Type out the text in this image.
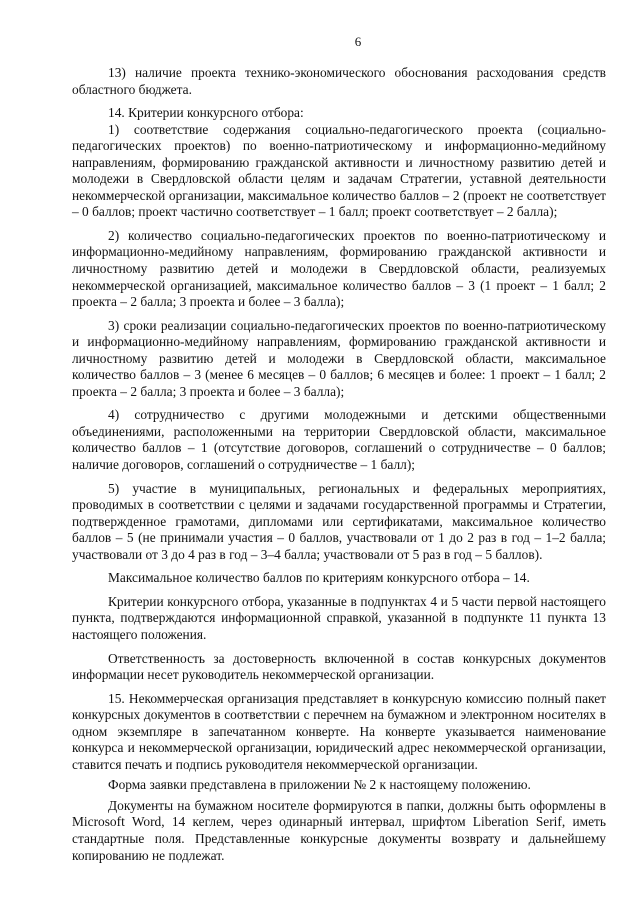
6

13) наличие проекта технико-экономического обоснования расходования средств областного бюджета.

14. Критерии конкурсного отбора:

1) соответствие содержания социально-педагогического проекта (социально-педагогических проектов) по военно-патриотическому и информационно-медийному направлениям, формированию гражданской активности и личностному развитию детей и молодежи в Свердловской области целям и задачам Стратегии, уставной деятельности некоммерческой организации, максимальное количество баллов – 2 (проект не соответствует – 0 баллов; проект частично соответствует – 1 балл; проект соответствует – 2 балла);

2) количество социально-педагогических проектов по военно-патриотическому и информационно-медийному направлениям, формированию гражданской активности и личностному развитию детей и молодежи в Свердловской области, реализуемых некоммерческой организацией, максимальное количество баллов – 3 (1 проект – 1 балл; 2 проекта – 2 балла; 3 проекта и более – 3 балла);

3) сроки реализации социально-педагогических проектов по военно-патриотическому и информационно-медийному направлениям, формированию гражданской активности и личностному развитию детей и молодежи в Свердловской области, максимальное количество баллов – 3 (менее 6 месяцев – 0 баллов; 6 месяцев и более: 1 проект – 1 балл; 2 проекта – 2 балла; 3 проекта и более – 3 балла);

4) сотрудничество с другими молодежными и детскими общественными объединениями, расположенными на территории Свердловской области, максимальное количество баллов – 1 (отсутствие договоров, соглашений о сотрудничестве – 0 баллов; наличие договоров, соглашений о сотрудничестве – 1 балл);

5) участие в муниципальных, региональных и федеральных мероприятиях, проводимых в соответствии с целями и задачами государственной программы и Стратегии, подтвержденное грамотами, дипломами или сертификатами, максимальное количество баллов – 5 (не принимали участия – 0 баллов, участвовали от 1 до 2 раз в год – 1–2 балла; участвовали от 3 до 4 раз в год – 3–4 балла; участвовали от 5 раз в год – 5 баллов).

Максимальное количество баллов по критериям конкурсного отбора – 14.

Критерии конкурсного отбора, указанные в подпунктах 4 и 5 части первой настоящего пункта, подтверждаются информационной справкой, указанной в подпункте 11 пункта 13 настоящего положения.

Ответственность за достоверность включенной в состав конкурсных документов информации несет руководитель некоммерческой организации.

15. Некоммерческая организация представляет в конкурсную комиссию полный пакет конкурсных документов в соответствии с перечнем на бумажном и электронном носителях в одном экземпляре в запечатанном конверте. На конверте указывается наименование конкурса и некоммерческой организации, юридический адрес некоммерческой организации, ставится печать и подпись руководителя некоммерческой организации.

Форма заявки представлена в приложении № 2 к настоящему положению.

Документы на бумажном носителе формируются в папки, должны быть оформлены в Microsoft Word, 14 кеглем, через одинарный интервал, шрифтом Liberation Serif, иметь стандартные поля. Представленные конкурсные документы возврату и дальнейшему копированию не подлежат.
